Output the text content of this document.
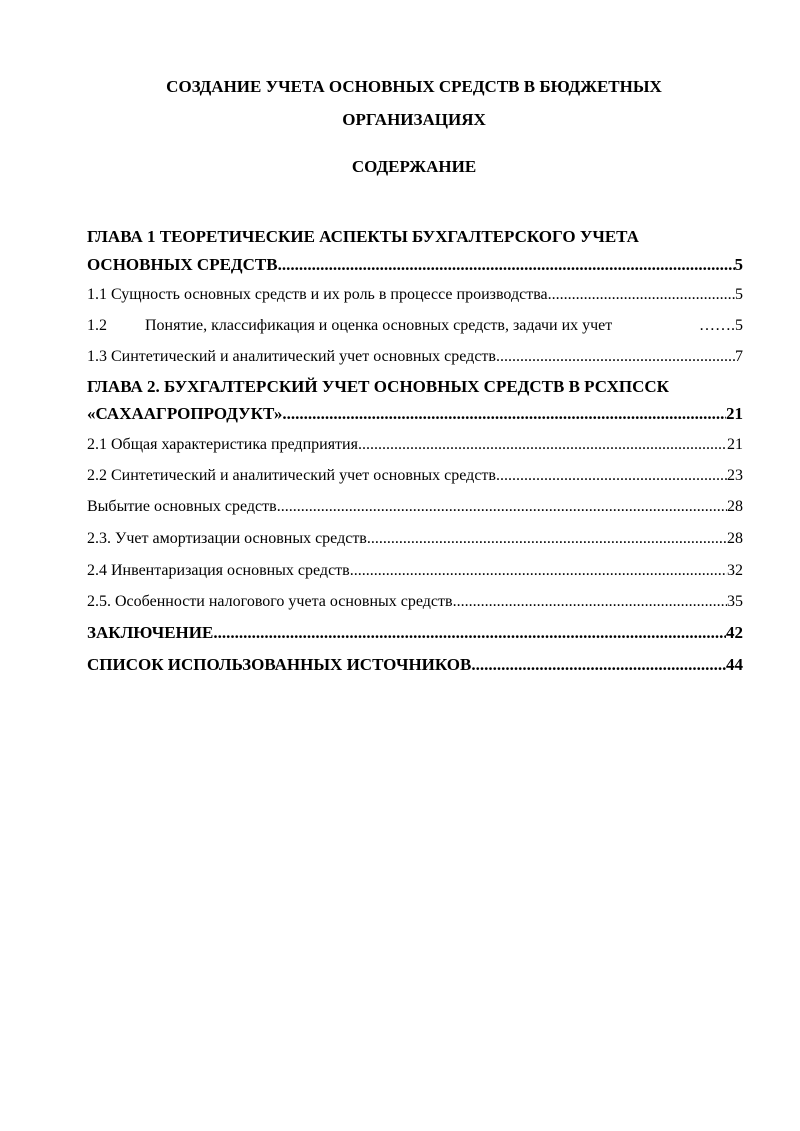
СОЗДАНИЕ УЧЕТА ОСНОВНЫХ СРЕДСТВ В БЮДЖЕТНЫХ
ОРГАНИЗАЦИЯХ
СОДЕРЖАНИЕ
ГЛАВА 1 ТЕОРЕТИЧЕСКИЕ АСПЕКТЫ БУХГАЛТЕРСКОГО УЧЕТА
ОСНОВНЫХ СРЕДСТВ .....	5
1.1 Сущность основных средств и их роль в процессе производства .....	5
1.2	Понятие, классификация и оценка основных средств, задачи их учет	…….5
1.3 Синтетический и аналитический учет основных средств .....	7
ГЛАВА 2. БУХГАЛТЕРСКИЙ УЧЕТ ОСНОВНЫХ СРЕДСТВ В РСХПССК
«САХААГРОПРОДУКТ» .....	21
2.1 Общая характеристика предприятия .....	21
2.2 Синтетический и аналитический учет основных средств .....	23
Выбытие основных средств .....	28
2.3. Учет амортизации основных средств .....	28
2.4 Инвентаризация основных средств .....	32
2.5. Особенности налогового учета основных средств .....	35
ЗАКЛЮЧЕНИЕ .....	42
СПИСОК ИСПОЛЬЗОВАННЫХ ИСТОЧНИКОВ .....	44
